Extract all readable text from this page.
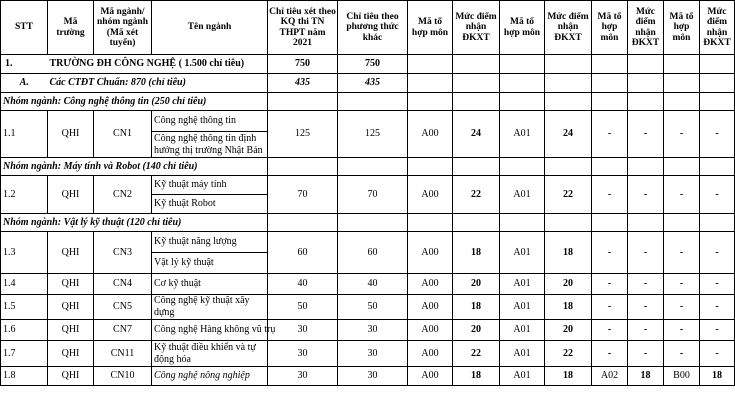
STT	Mã trường	Mã ngành/ nhóm ngành (Mã xét tuyển)	Tên ngành	Chỉ tiêu xét theo KQ thi TN THPT năm 2021	Chỉ tiêu theo phương thức khác	Mã tổ hợp môn	Mức điểm nhận ĐKXT	Mã tổ hợp môn	Mức điểm nhận ĐKXT	Mã tổ hợp môn	Mức điểm nhận ĐKXT	Mã tổ hợp môn	Mức điểm nhận ĐKXT
1.	TRƯỜNG ĐH CÔNG NGHỆ ( 1.500 chỉ tiêu)			750	750								
A.	Các CTĐT Chuẩn: 870 (chỉ tiêu)			435	435								
Nhóm ngành: Công nghệ thông tin (250 chỉ tiêu)													
1.1	QHI	CN1	Công nghệ thông tin	125	125	A00	24	A01	24	-	-	-	-
			Công nghệ thông tin định hướng thị trường Nhật Bản										
Nhóm ngành: Máy tính và Robot (140 chỉ tiêu)													
1.2	QHI	CN2	Kỹ thuật máy tính	70	70	A00	22	A01	22	-	-	-	-
			Kỹ thuật Robot										
Nhóm ngành: Vật lý kỹ thuật (120 chỉ tiêu)													
1.3	QHI	CN3	Kỹ thuật năng lượng	60	60	A00	18	A01	18	-	-	-	-
			Vật lý kỹ thuật										
1.4	QHI	CN4	Cơ kỹ thuật	40	40	A00	20	A01	20	-	-	-	-
1.5	QHI	CN5	Công nghệ kỹ thuật xây dựng	50	50	A00	18	A01	18	-	-	-	-
1.6	QHI	CN7	Công nghệ Hàng không vũ trụ	30	30	A00	20	A01	20	-	-	-	-
1.7	QHI	CN11	Kỹ thuật điều khiển và tự động hóa	30	30	A00	22	A01	22	-	-	-	-
1.8	QHI	CN10	Công nghệ nông nghiệp	30	30	A00	18	A01	18	A02	18	B00	18
